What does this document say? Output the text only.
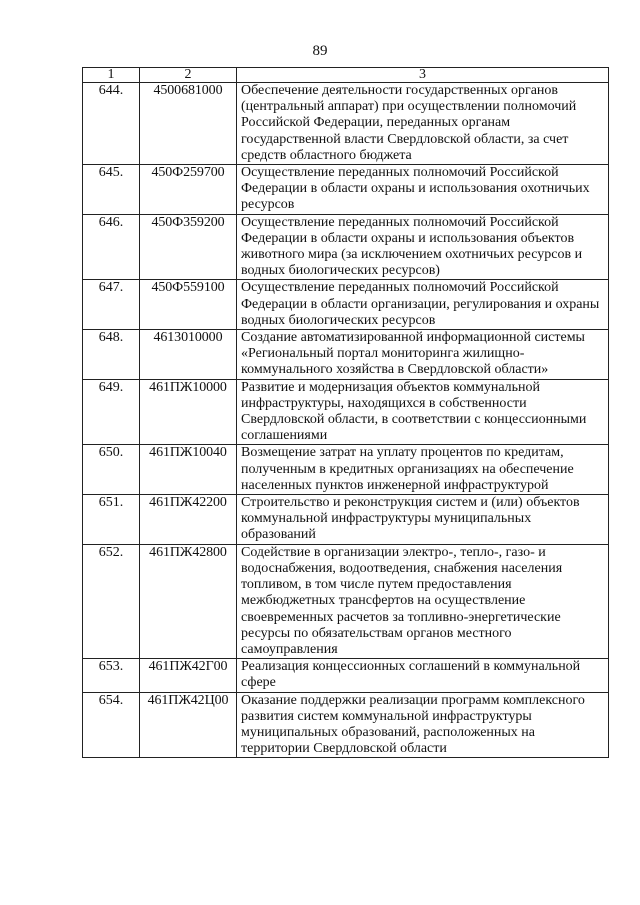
89
1	2	3
644.	4500681000	Обеспечение деятельности государственных органов (центральный аппарат) при осуществлении полномочий Российской Федерации, переданных органам государственной власти Свердловской области, за счет средств областного бюджета
645.	450Ф259700	Осуществление переданных полномочий Российской Федерации в области охраны и использования охотничьих ресурсов
646.	450Ф359200	Осуществление переданных полномочий Российской Федерации в области охраны и использования объектов животного мира (за исключением охотничьих ресурсов и водных биологических ресурсов)
647.	450Ф559100	Осуществление переданных полномочий Российской Федерации в области организации, регулирования и охраны водных биологических ресурсов
648.	4613010000	Создание автоматизированной информационной системы «Региональный портал мониторинга жилищно-коммунального хозяйства в Свердловской области»
649.	461ПЖ10000	Развитие и модернизация объектов коммунальной инфраструктуры, находящихся в собственности Свердловской области, в соответствии с концессионными соглашениями
650.	461ПЖ10040	Возмещение затрат на уплату процентов по кредитам, полученным в кредитных организациях на обеспечение населенных пунктов инженерной инфраструктурой
651.	461ПЖ42200	Строительство и реконструкция систем и (или) объектов коммунальной инфраструктуры муниципальных образований
652.	461ПЖ42800	Содействие в организации электро-, тепло-, газо- и водоснабжения, водоотведения, снабжения населения топливом, в том числе путем предоставления межбюджетных трансфертов на осуществление своевременных расчетов за топливно-энергетические ресурсы по обязательствам органов местного самоуправления
653.	461ПЖ42Г00	Реализация концессионных соглашений в коммунальной сфере
654.	461ПЖ42Ц00	Оказание поддержки реализации программ комплексного развития систем коммунальной инфраструктуры муниципальных образований, расположенных на территории Свердловской области
